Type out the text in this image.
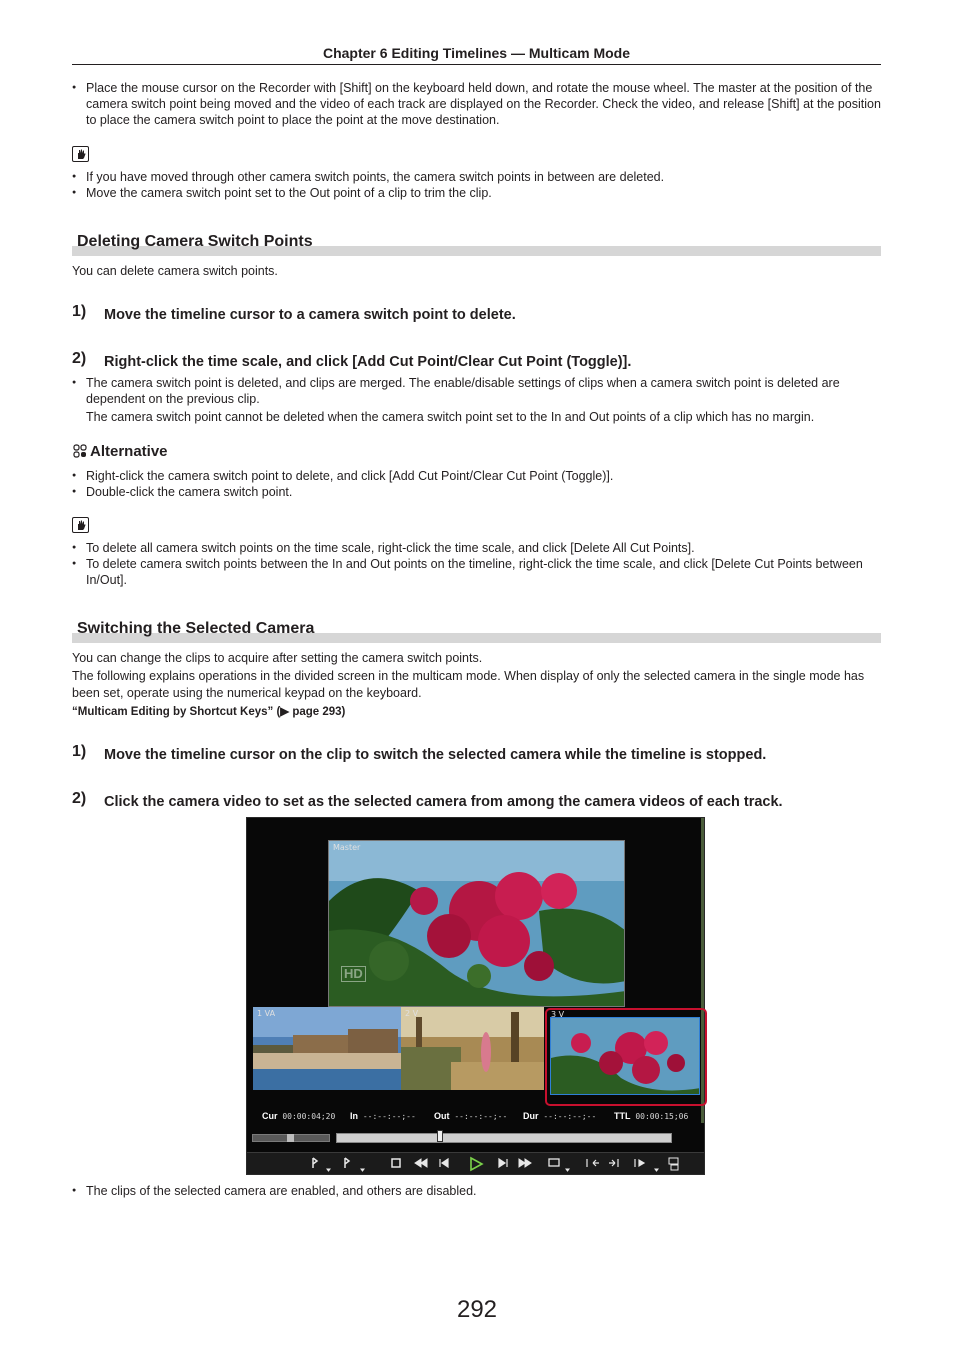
Chapter 6 Editing Timelines — Multicam Mode
● Place the mouse cursor on the Recorder with [Shift] on the keyboard held down, and rotate the mouse wheel. The master at the position of the camera switch point being moved and the video of each track are displayed on the Recorder. Check the video, and release [Shift] at the position to place the camera switch point to place the point at the move destination.
● If you have moved through other camera switch points, the camera switch points in between are deleted.
● Move the camera switch point set to the Out point of a clip to trim the clip.
Deleting Camera Switch Points
You can delete camera switch points.
1) Move the timeline cursor to a camera switch point to delete.
2) Right-click the time scale, and click [Add Cut Point/Clear Cut Point (Toggle)].
● The camera switch point is deleted, and clips are merged. The enable/disable settings of clips when a camera switch point is deleted are dependent on the previous clip.
The camera switch point cannot be deleted when the camera switch point set to the In and Out points of a clip which has no margin.
Alternative
● Right-click the camera switch point to delete, and click [Add Cut Point/Clear Cut Point (Toggle)].
● Double-click the camera switch point.
● To delete all camera switch points on the time scale, right-click the time scale, and click [Delete All Cut Points].
● To delete camera switch points between the In and Out points on the timeline, right-click the time scale, and click [Delete Cut Points between In/Out].
Switching the Selected Camera
You can change the clips to acquire after setting the camera switch points.
The following explains operations in the divided screen in the multicam mode. When display of only the selected camera in the single mode has been set, operate using the numerical keypad on the keyboard.
“Multicam Editing by Shortcut Keys” (▶ page 293)
1) Move the timeline cursor on the clip to switch the selected camera while the timeline is stopped.
2) Click the camera video to set as the selected camera from among the camera videos of each track.
Master
HD
1 VA	2 V	3 V
Cur 00:00:04;20 In --:--:--;-- Out --:--:--;-- Dur --:--:--;-- TTL 00:00:15;06
● The clips of the selected camera are enabled, and others are disabled.
292
